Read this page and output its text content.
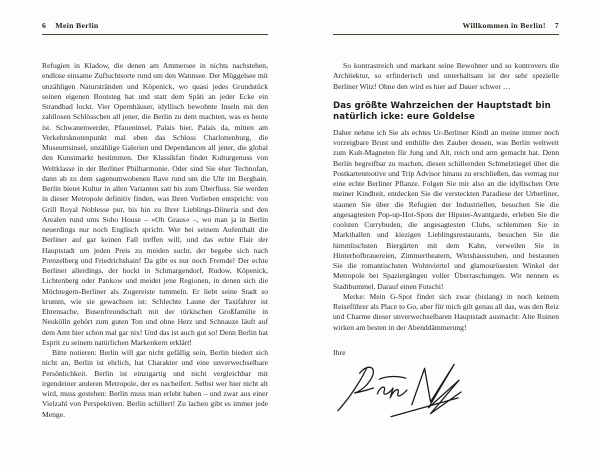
6 Mein Berlin

Refugien in Kladow, die denen am Ammersee in nichts nachstehen, endlose einsame Zufluchtsorte rund um den Wannsee. Der Müggelsee mit unzähligen Naturstränden und Köpenick, wo quasi jedes Grundstück seinen eigenen Bootsteg hat und statt dem Späti an jeder Ecke ein Strandbad lockt. Vier Opernhäuser, idyllisch bewohnte Inseln mit den zahllosen Schlösschen all jener, die Berlin zu dem machten, was es heute ist. Schwanenwerder, Pfaueninsel, Palais hier, Palais da, mitten am Verkehrsknotenpunkt mal eben das Schloss Charlottenburg, die Museumsinsel, unzählige Galerien und Dependancen all jener, die global den Kunstmarkt bestimmen. Der Klassikfan findet Kulturgenuss von Weltklasse in der Berliner Philharmonie. Oder sind Sie eher Technofan, dann ab zu dem sagenumwobenen Rave rund um die Uhr im Berghain. Berlin bietet Kultur in allen Varianten satt bis zum Überfluss. Sie werden in dieser Metropole definitiv finden, was Ihren Vorlieben entspricht: von Grill Royal Noblesse pur, bis hin zu Ihrer Lieblings-Döneria und den Arealen rund ums Soho House – »Oh Graus« –, wo man ja in Berlin neuerdings nur noch Englisch spricht. Wer bei seinem Aufenthalt die Berliner auf gar keinen Fall treffen will, und das echte Flair der Hauptstadt um jeden Preis zu meiden sucht, der begebe sich nach Prenzelberg und Friedrichshain! Da gibt es nur noch Fremde! Der echte Berliner allerdings, der hockt in Schmargendorf, Rudow, Köpenick, Lichtenberg oder Pankow und meidet jene Regionen, in denen sich die Möchtegern-Berliner als Zugereiste tummeln. Er liebt seine Stadt so krumm, wie sie gewachsen ist: Schlechte Laune der Taxifahrer ist Ehrensache, Busenfreundschaft mit der türkischen Großfamilie in Neukölln gehört zum guten Ton und ohne Herz und Schnauze läuft auf dem Amt hier schon mal gar nix! Und das ist auch gut so! Denn Berlin hat Esprit zu seinem natürlichen Markenkern erklärt!

Bitte notieren: Berlin will gar nicht gefällig sein, Berlin biedert sich nicht an, Berlin ist ehrlich, hat Charakter und eine unverwechselbare Persönlichkeit. Berlin ist einzigartig und nicht vergleichbar mit irgendeiner anderen Metropole, der es nacheifert. Selbst wer hier nicht alt wird, muss gestehen: Berlin muss man erlebt haben – und zwar aus einer Vielzahl von Perspektiven. Berlin schillert! Zu lachen gibt es immer jede Menge.

Willkommen in Berlin! 7

So kontrastreich und markant seine Bewohner und so kontrovers die Architektur, so erfinderisch und unterhaltsam ist der sehr spezielle Berliner Witz! Ohne den wird es hier auf Dauer schwer …

Das größte Wahrzeichen der Hauptstadt bin natürlich icke: eure Goldelse

Daher nehme ich Sie als echtes Ur-Berliner Kindl an meine immer noch vorzeigbare Brust und enthülle den Zauber dessen, was Berlin weltweit zum Kult-Magneten für Jung und Alt, reich und arm gemacht hat. Denn Berlin begreifbar zu machen, diesen schillernden Schmelztiegel über die Postkartenmotive und Trip Advisor hinaus zu erschließen, das vermag nur eine echte Berliner Pflanze. Folgen Sie mir also an die idyllischen Orte meiner Kindheit, entdecken Sie die versteckten Paradiese der Urberliner, staunen Sie über die Refugien der Industriellen, besuchen Sie die angesagtesten Pop-up-Hot-Spots der Hipster-Avantgarde, erleben Sie die coolsten Currybuden, die angesagtesten Clubs, schlemmen Sie in Markthallen und kiezigen Lieblingsrestaurants, besuchen Sie die himmlischsten Biergärten mit dem Kahn, verweilen Sie in Hinterhofbrauereien, Zimmertheatern, Wirtshausstuben, und bestaunen Sie die romantischsten Wohnviertel und glamourösesten Winkel der Metropole bei Spaziergängen voller Überraschungen. Wir nennen es Stadtbummel. Darauf einen Futschi!

Merke: Mein G-Spot findet sich zwar (bislang) in noch keinem Reiseführer als Place to Go, aber für mich gilt genau all das, was den Reiz und Charme dieser unverwechselbaren Hauptstadt ausmacht: Alte Ruinen wirken am besten in der Abenddämmerung!

Ihre
